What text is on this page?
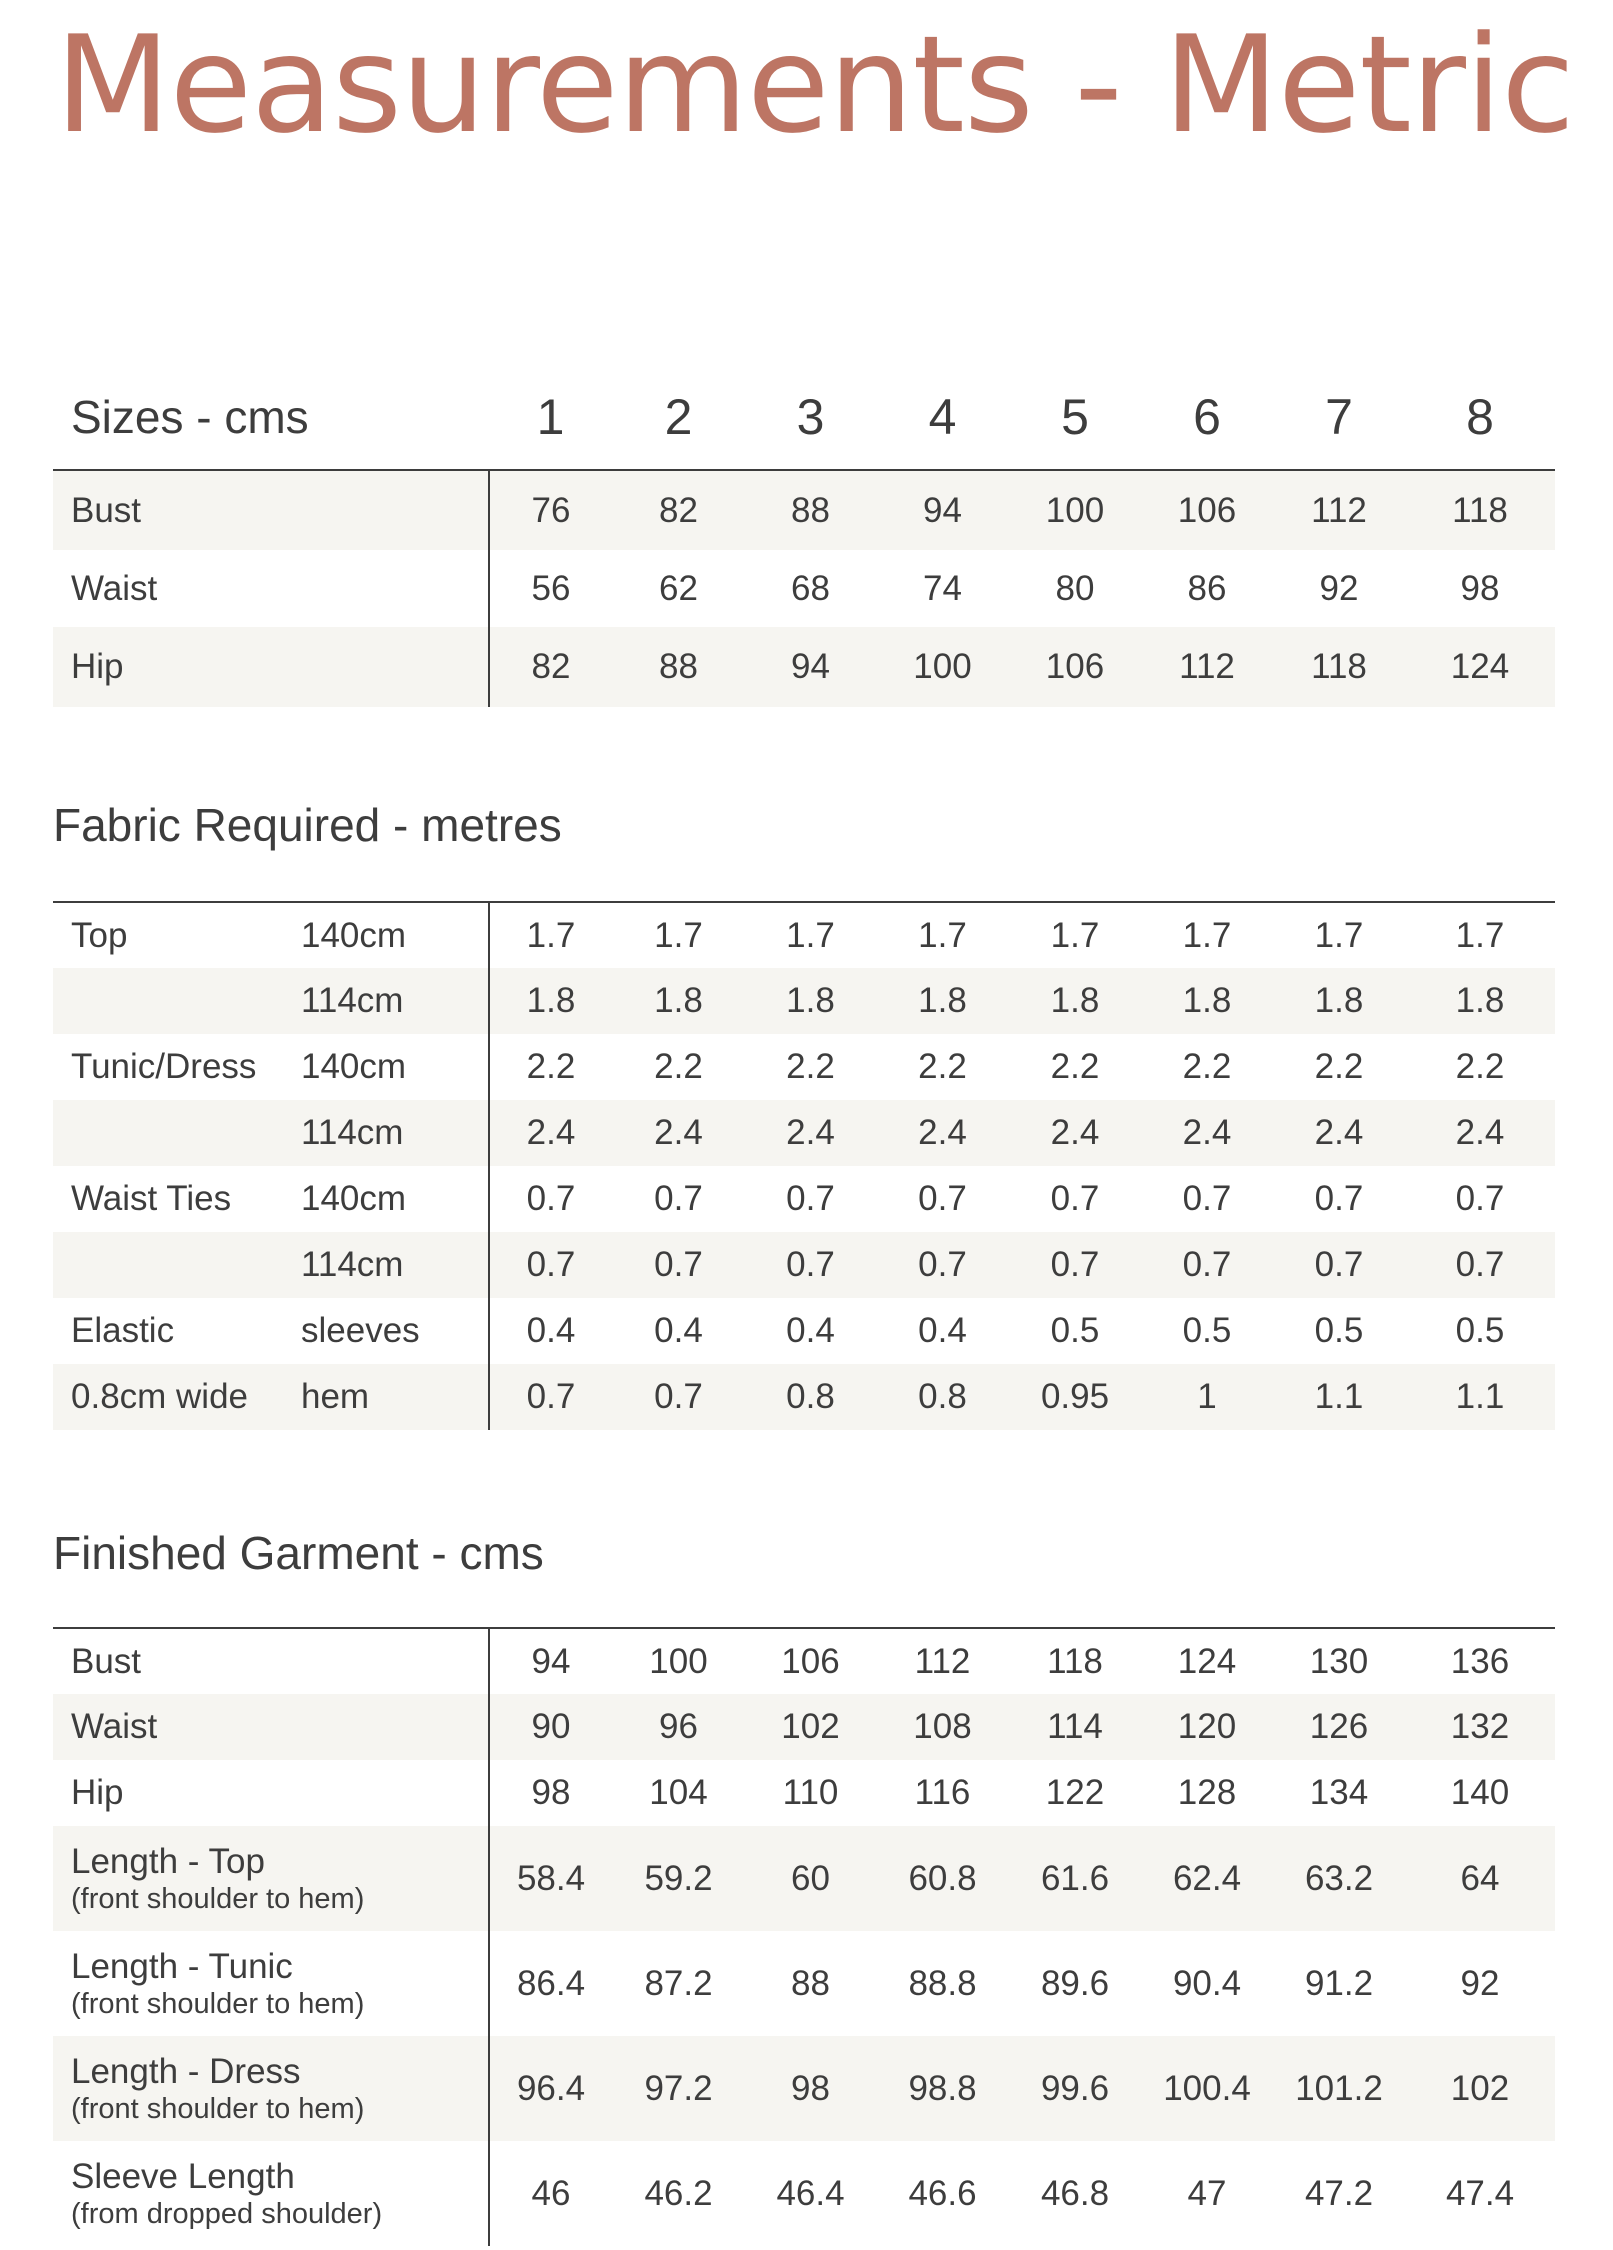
Measurements - Metric
Sizes - cms	1	2	3	4	5	6	7	8
Bust	76	82	88	94	100	106	112	118
Waist	56	62	68	74	80	86	92	98
Hip	82	88	94	100	106	112	118	124
Fabric Required - metres
Top	140cm	1.7	1.7	1.7	1.7	1.7	1.7	1.7	1.7
	114cm	1.8	1.8	1.8	1.8	1.8	1.8	1.8	1.8
Tunic/Dress	140cm	2.2	2.2	2.2	2.2	2.2	2.2	2.2	2.2
	114cm	2.4	2.4	2.4	2.4	2.4	2.4	2.4	2.4
Waist Ties	140cm	0.7	0.7	0.7	0.7	0.7	0.7	0.7	0.7
	114cm	0.7	0.7	0.7	0.7	0.7	0.7	0.7	0.7
Elastic	sleeves	0.4	0.4	0.4	0.4	0.5	0.5	0.5	0.5
0.8cm wide	hem	0.7	0.7	0.8	0.8	0.95	1	1.1	1.1
Finished Garment - cms
Bust	94	100	106	112	118	124	130	136

Waist	90	96	102	108	114	120	126	132

Hip	98	104	110	116	122	128	134	140

Length - Top
(front shoulder to hem)	58.4	59.2	60	60.8	61.6	62.4	63.2	64

Length - Tunic
(front shoulder to hem)	86.4	87.2	88	88.8	89.6	90.4	91.2	92

Length - Dress
(front shoulder to hem)	96.4	97.2	98	98.8	99.6	100.4	101.2	102

Sleeve Length
(from dropped shoulder)	46	46.2	46.4	46.6	46.8	47	47.2	47.4
